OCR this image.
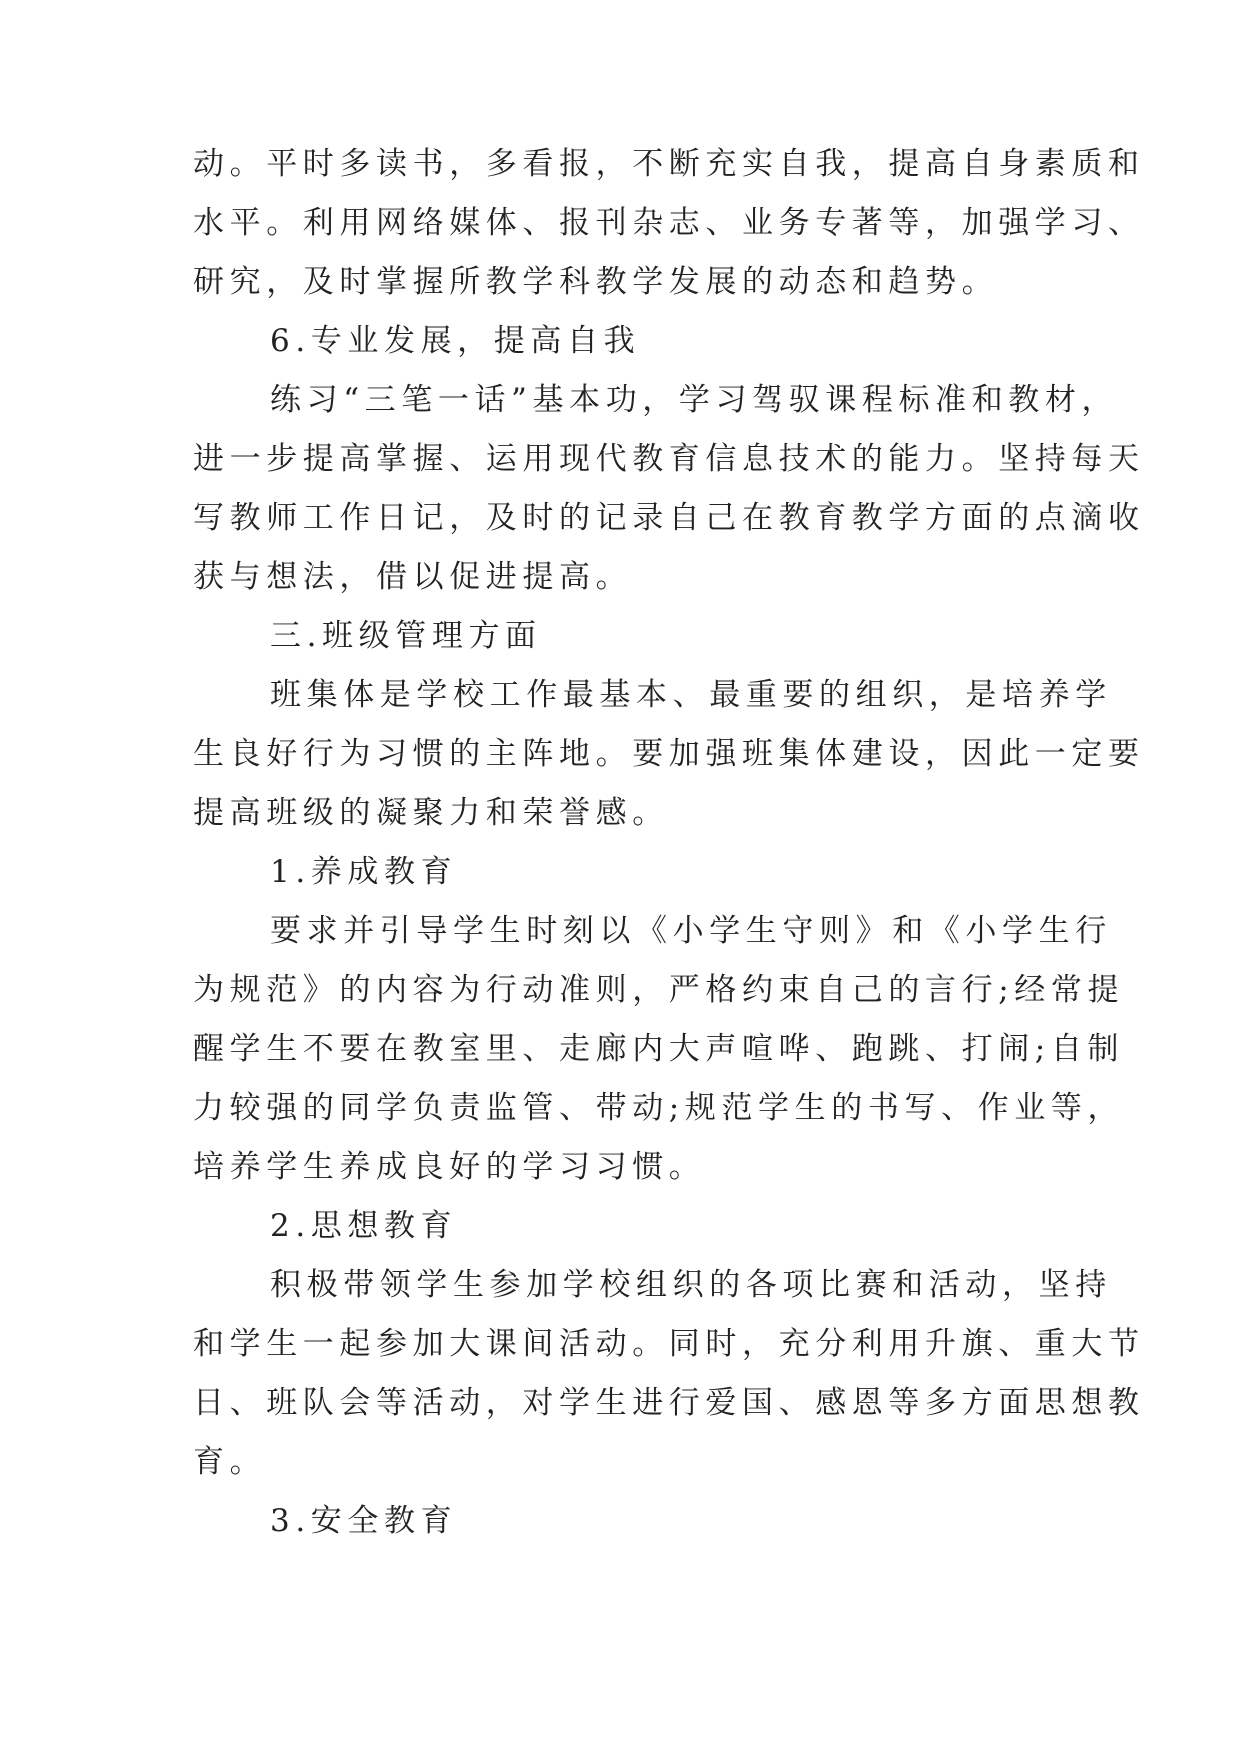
动。平时多读书，多看报，不断充实自我，提高自身素质和
水平。利用网络媒体、报刊杂志、业务专著等，加强学习、
研究，及时掌握所教学科教学发展的动态和趋势。
6.专业发展，提高自我
练习“三笔一话”基本功，学习驾驭课程标准和教材，
进一步提高掌握、运用现代教育信息技术的能力。坚持每天
写教师工作日记，及时的记录自己在教育教学方面的点滴收
获与想法，借以促进提高。
三.班级管理方面
班集体是学校工作最基本、最重要的组织，是培养学
生良好行为习惯的主阵地。要加强班集体建设，因此一定要
提高班级的凝聚力和荣誉感。
1.养成教育
要求并引导学生时刻以《小学生守则》和《小学生行
为规范》的内容为行动准则，严格约束自己的言行;经常提
醒学生不要在教室里、走廊内大声喧哗、跑跳、打闹;自制
力较强的同学负责监管、带动;规范学生的书写、作业等，
培养学生养成良好的学习习惯。
2.思想教育
积极带领学生参加学校组织的各项比赛和活动，坚持
和学生一起参加大课间活动。同时，充分利用升旗、重大节
日、班队会等活动，对学生进行爱国、感恩等多方面思想教
育。
3.安全教育
